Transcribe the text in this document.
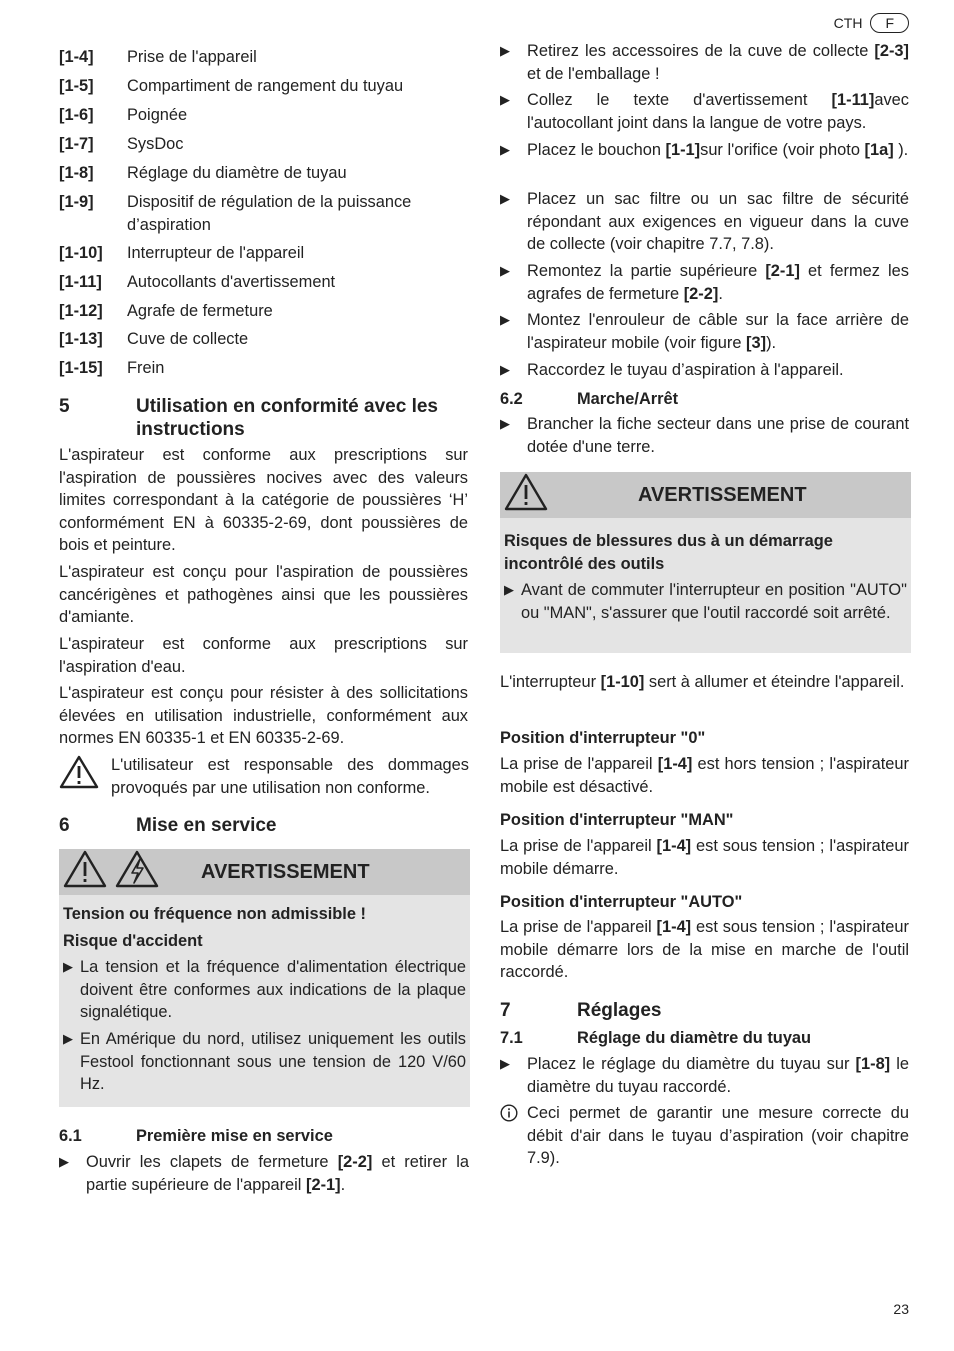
CTH	F
[1-4]	Prise de l'appareil
[1-5]	Compartiment de rangement du tuyau
[1-6]	Poignée
[1-7]	SysDoc
[1-8]	Réglage du diamètre de tuyau
[1-9]	Dispositif de régulation de la puissance d’aspiration
[1-10]	Interrupteur de l'appareil
[1-11]	Autocollants d'avertissement
[1-12]	Agrafe de fermeture
[1-13]	Cuve de collecte
[1-15]	Frein
5	Utilisation en conformité avec les instructions
L'aspirateur est conforme aux prescriptions sur l'aspiration de poussières nocives avec des valeurs limites correspondant à la catégorie de poussières ‘H’ conformément EN à 60335-2-69, dont poussières de bois et peinture.
L'aspirateur est conçu pour l'aspiration de poussières cancérigènes et pathogènes ainsi que les poussières d'amiante.
L'aspirateur est conforme aux prescriptions sur l'aspiration d'eau.
L'aspirateur est conçu pour résister à des sollicitations élevées en utilisation industrielle, conformément aux normes EN 60335-1 et EN 60335-2-69.
L'utilisateur est responsable des dommages provoqués par une utilisation non conforme.
6	Mise en service
AVERTISSEMENT
Tension ou fréquence non admissible !
Risque d'accident
▶ La tension et la fréquence d'alimentation électrique doivent être conformes aux indications de la plaque signalétique.
▶ En Amérique du nord, utilisez uniquement les outils Festool fonctionnant sous une tension de 120 V/60 Hz.
6.1	Première mise en service
▶	Ouvrir les clapets de fermeture [2-2] et retirer la partie supérieure de l'appareil [2-1].
▶	Retirez les accessoires de la cuve de collecte [2-3] et de l'emballage !
▶	Collez le texte d'avertissement [1-11]avec l'autocollant joint dans la langue de votre pays.
▶	Placez le bouchon [1-1]sur l'orifice (voir photo [1a] ).
▶	Placez un sac filtre ou un sac filtre de sécurité répondant aux exigences en vigueur dans la cuve de collecte (voir chapitre 7.7, 7.8).
▶	Remontez la partie supérieure [2-1] et fermez les agrafes de fermeture [2-2].
▶	Montez l'enrouleur de câble sur la face arrière de l'aspirateur mobile (voir figure [3]).
▶	Raccordez le tuyau d’aspiration à l'appareil.
6.2	Marche/Arrêt
▶	Brancher la fiche secteur dans une prise de courant dotée d'une terre.
AVERTISSEMENT
Risques de blessures dus à un démarrage incontrôlé des outils
▶ Avant de commuter l'interrupteur en position "AUTO" ou "MAN", s'assurer que l'outil raccordé soit arrêté.
L'interrupteur [1-10] sert à allumer et éteindre l'appareil.
Position d'interrupteur "0"
La prise de l'appareil [1-4] est hors tension ; l'aspirateur mobile est désactivé.
Position d'interrupteur "MAN"
La prise de l'appareil [1-4] est sous tension ; l'aspirateur mobile démarre.
Position d'interrupteur "AUTO"
La prise de l'appareil [1-4] est sous tension ; l'aspirateur mobile démarre lors de la mise en marche de l'outil raccordé.
7	Réglages
7.1	Réglage du diamètre du tuyau
▶	Placez le réglage du diamètre du tuyau sur [1-8] le diamètre du tuyau raccordé.
Ceci permet de garantir une mesure correcte du débit d'air dans le tuyau d’aspiration (voir chapitre 7.9).
23
